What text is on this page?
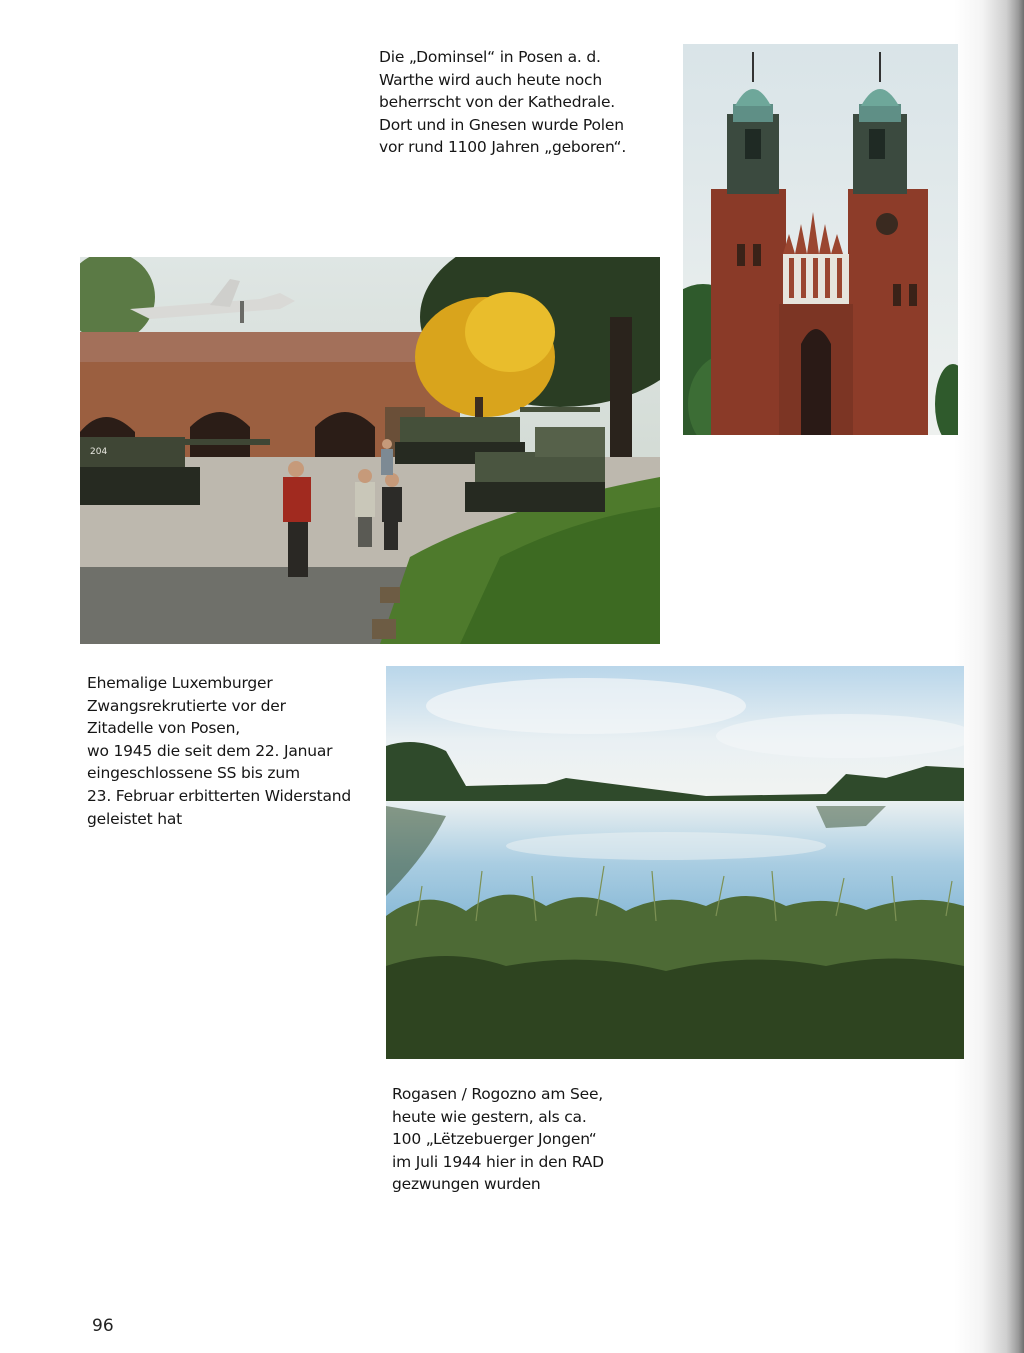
Die „Dominsel“ in Posen a. d.
Warthe wird auch heute noch
beherrscht von der Kathedrale.
Dort und in Gnesen wurde Polen
vor rund 1100 Jahren „geboren“.

204

Ehemalige Luxemburger
Zwangsrekrutierte vor der
Zitadelle von Posen,
wo 1945 die seit dem 22. Januar
eingeschlossene SS bis zum
23. Februar erbitterten Widerstand
geleistet hat

Rogasen / Rogozno am See,
heute wie gestern, als ca.
100 „Lëtzebuerger Jongen“
im Juli 1944 hier in den RAD
gezwungen wurden

96
